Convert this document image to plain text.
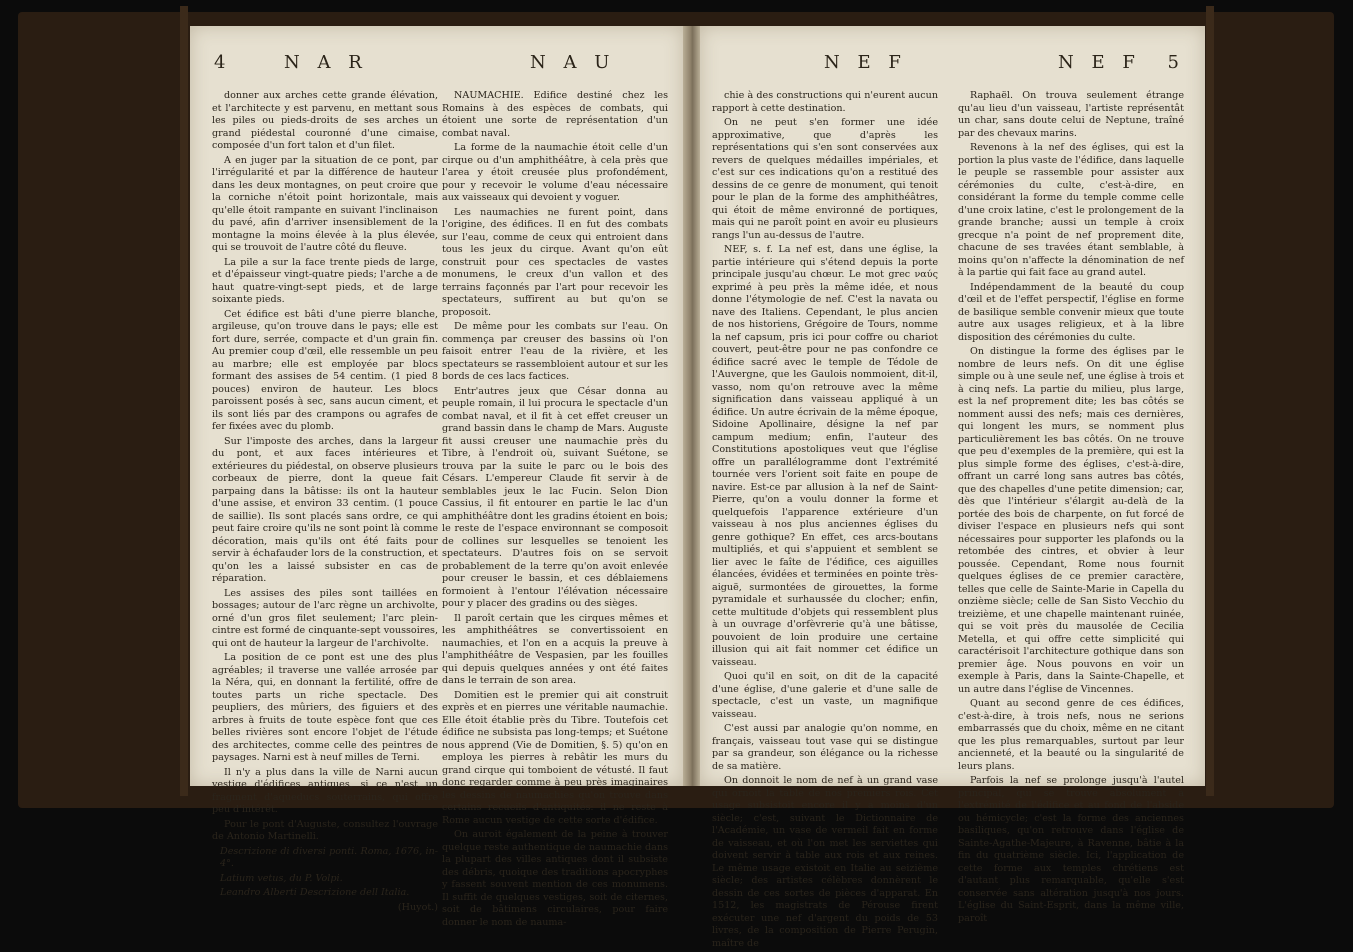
4	N A R	N A U

donner aux arches cette grande élévation, et l'architecte y est parvenu, en mettant sous les piles ou pieds-droits de ses arches un grand piédestal couronné d'une cimaise, composée d'un fort talon et d'un filet.

A en juger par la situation de ce pont, par l'irrégularité et par la différence de hauteur dans les deux montagnes, on peut croire que la corniche n'étoit point horizontale, mais qu'elle étoit rampante en suivant l'inclinaison du pavé, afin d'arriver insensiblement de la montagne la moins élevée à la plus élevée, qui se trouvoit de l'autre côté du fleuve.

La pile a sur la face trente pieds de large, et d'épaisseur vingt-quatre pieds; l'arche a de haut quatre-vingt-sept pieds, et de large soixante pieds.

Cet édifice est bâti d'une pierre blanche, argileuse, qu'on trouve dans le pays; elle est fort dure, serrée, compacte et d'un grain fin. Au premier coup d'œil, elle ressemble un peu au marbre; elle est employée par blocs formant des assises de 54 centim. (1 pied 8 pouces) environ de hauteur. Les blocs paroissent posés à sec, sans aucun ciment, et ils sont liés par des crampons ou agrafes de fer fixées avec du plomb.

Sur l'imposte des arches, dans la largeur du pont, et aux faces intérieures et extérieures du piédestal, on observe plusieurs corbeaux de pierre, dont la queue fait parpaing dans la bâtisse: ils ont la hauteur d'une assise, et environ 33 centim. (1 pouce de saillie). Ils sont placés sans ordre, ce qui peut faire croire qu'ils ne sont point là comme décoration, mais qu'ils ont été faits pour servir à échafauder lors de la construction, et qu'on les a laissé subsister en cas de réparation.

Les assises des piles sont taillées en bossages; autour de l'arc règne un archivolte, orné d'un gros filet seulement; l'arc plein-cintre est formé de cinquante-sept voussoires, qui ont de hauteur la largeur de l'archivolte.

La position de ce pont est une des plus agréables; il traverse une vallée arrosée par la Néra, qui, en donnant la fertilité, offre de toutes parts un riche spectacle. Des peupliers, des mûriers, des figuiers et des arbres à fruits de toute espèce font que ces belles rivières sont encore l'objet de l'étude des architectes, comme celle des peintres de paysages. Narni est à neuf milles de Terni.

Il n'y a plus dans la ville de Narni aucun vestige d'édifices antiques, si ce n'est un fragment d'aqueducs souterrains, qui offre peu d'intérêt.

Pour le pont d'Auguste, consultez l'ouvrage de Antonio Martinelli.

Descrizione di diversi ponti. Roma, 1676, in-4°.

Latium vetus, du P. Volpi.

Leandro Alberti Descrizione dell Italia.

(Huyot.)

NAUMACHIE. Edifice destiné chez les Romains à des espèces de combats, qui étoient une sorte de représentation d'un combat naval.

La forme de la naumachie étoit celle d'un cirque ou d'un amphithéâtre, à cela près que l'area y étoit creusée plus profondément, pour y recevoir le volume d'eau nécessaire aux vaisseaux qui devoient y voguer.

Les naumachies ne furent point, dans l'origine, des édifices. Il en fut des combats sur l'eau, comme de ceux qui entroient dans tous les jeux du cirque. Avant qu'on eût construit pour ces spectacles de vastes monumens, le creux d'un vallon et des terrains façonnés par l'art pour recevoir les spectateurs, suffirent au but qu'on se proposoit.

De même pour les combats sur l'eau. On commença par creuser des bassins où l'on faisoit entrer l'eau de la rivière, et les spectateurs se rassembloient autour et sur les bords de ces lacs factices.

Entr'autres jeux que César donna au peuple romain, il lui procura le spectacle d'un combat naval, et il fit à cet effet creuser un grand bassin dans le champ de Mars. Auguste fit aussi creuser une naumachie près du Tibre, à l'endroit où, suivant Suétone, se trouva par la suite le parc ou le bois des Césars. L'empereur Claude fit servir à de semblables jeux le lac Fucin. Selon Dion Cassius, il fit entourer en partie le lac d'un amphithéâtre dont les gradins étoient en bois; le reste de l'espace environnant se composoit de collines sur lesquelles se tenoient les spectateurs. D'autres fois on se servoit probablement de la terre qu'on avoit enlevée pour creuser le bassin, et ces déblaiemens formoient à l'entour l'élévation nécessaire pour y placer des gradins ou des sièges.

Il paroît certain que les cirques mêmes et les amphithéâtres se convertissoient en naumachies, et l'on en a acquis la preuve à l'amphithéâtre de Vespasien, par les fouilles qui depuis quelques années y ont été faites dans le terrain de son area.

Domitien est le premier qui ait construit exprès et en pierres une véritable naumachie. Elle étoit établie près du Tibre. Toutefois cet édifice ne subsista pas long-temps; et Suétone nous apprend (Vie de Domitien, §. 5) qu'on en employa les pierres à rebâtir les murs du grand cirque qui tomboient de vétusté. Il faut donc regarder comme à peu près imaginaires les dessins de naumachies qu'on trouve dans certains recueils d'antiquités: il ne reste à Rome aucun vestige de cette sorte d'édifice.

On auroit également de la peine à trouver quelque reste authentique de naumachie dans la plupart des villes antiques dont il subsiste des débris, quoique des traditions apocryphes y fassent souvent mention de ces monumens. Il suffit de quelques vestiges, soit de citernes, soit de bâtimens circulaires, pour faire donner le nom de nauma-

N E F	N E F 5

chie à des constructions qui n'eurent aucun rapport à cette destination.

On ne peut s'en former une idée approximative, que d'après les représentations qui s'en sont conservées aux revers de quelques médailles impériales, et c'est sur ces indications qu'on a restitué des dessins de ce genre de monument, qui tenoit pour le plan de la forme des amphithéâtres, qui étoit de même environné de portiques, mais qui ne paroît point en avoir eu plusieurs rangs l'un au-dessus de l'autre.

NEF, s. f. La nef est, dans une église, la partie intérieure qui s'étend depuis la porte principale jusqu'au chœur. Le mot grec ναύς exprimé à peu près la même idée, et nous donne l'étymologie de nef. C'est la navata ou nave des Italiens. Cependant, le plus ancien de nos historiens, Grégoire de Tours, nomme la nef capsum, pris ici pour coffre ou chariot couvert, peut-être pour ne pas confondre ce édifice sacré avec le temple de Tédole de l'Auvergne, que les Gaulois nommoient, dit-il, vasso, nom qu'on retrouve avec la même signification dans vaisseau appliqué à un édifice. Un autre écrivain de la même époque, Sidoine Apollinaire, désigne la nef par campum medium; enfin, l'auteur des Constitutions apostoliques veut que l'église offre un parallélogramme dont l'extrémité tournée vers l'orient soit faite en poupe de navire. Est-ce par allusion à la nef de Saint-Pierre, qu'on a voulu donner la forme et quelquefois l'apparence extérieure d'un vaisseau à nos plus anciennes églises du genre gothique? En effet, ces arcs-boutans multipliés, et qui s'appuient et semblent se lier avec le faîte de l'édifice, ces aiguilles élancées, évidées et terminées en pointe très-aiguë, surmontées de girouettes, la forme pyramidale et surhaussée du clocher; enfin, cette multitude d'objets qui ressemblent plus à un ouvrage d'orfèvrerie qu'à une bâtisse, pouvoient de loin produire une certaine illusion qui ait fait nommer cet édifice un vaisseau.

Quoi qu'il en soit, on dit de la capacité d'une église, d'une galerie et d'une salle de spectacle, c'est un vaste, un magnifique vaisseau.

C'est aussi par analogie qu'on nomme, en français, vaisseau tout vase qui se distingue par sa grandeur, son élégance ou la richesse de sa matière.

On donnoit le nom de nef à un grand vase qui ornoit la table de nos premiers rois. Cet usage subsistoit encore il y a moins d'un siècle; c'est, suivant le Dictionnaire de l'Académie, un vase de vermeil fait en forme de vaisseau, et où l'on met les serviettes qui doivent servir à table aux rois et aux reines. Le même usage existoit en Italie au seizième siècle; des artistes célèbres donnèrent le dessin de ces sortes de pièces d'apparat. En 1512, les magistrats de Pérouse firent exécuter une nef d'argent du poids de 53 livres, de la composition de Pierre Perugin, maître de

Raphaël. On trouva seulement étrange qu'au lieu d'un vaisseau, l'artiste représentât un char, sans doute celui de Neptune, traîné par des chevaux marins.

Revenons à la nef des églises, qui est la portion la plus vaste de l'édifice, dans laquelle le peuple se rassemble pour assister aux cérémonies du culte, c'est-à-dire, en considérant la forme du temple comme celle d'une croix latine, c'est le prolongement de la grande branche; aussi un temple à croix grecque n'a point de nef proprement dite, chacune de ses travées étant semblable, à moins qu'on n'affecte la dénomination de nef à la partie qui fait face au grand autel.

Indépendamment de la beauté du coup d'œil et de l'effet perspectif, l'église en forme de basilique semble convenir mieux que toute autre aux usages religieux, et à la libre disposition des cérémonies du culte.

On distingue la forme des églises par le nombre de leurs nefs. On dit une église simple ou à une seule nef, une église à trois et à cinq nefs. La partie du milieu, plus large, est la nef proprement dite; les bas côtés se nomment aussi des nefs; mais ces dernières, qui longent les murs, se nomment plus particulièrement les bas côtés. On ne trouve que peu d'exemples de la première, qui est la plus simple forme des églises, c'est-à-dire, offrant un carré long sans autres bas côtés, que des chapelles d'une petite dimension; car, dès que l'intérieur s'élargit au-delà de la portée des bois de charpente, on fut forcé de diviser l'espace en plusieurs nefs qui sont nécessaires pour supporter les plafonds ou la retombée des cintres, et obvier à leur poussée. Cependant, Rome nous fournit quelques églises de ce premier caractère, telles que celle de Sainte-Marie in Capella du onzième siècle; celle de San Sisto Vecchio du treizième, et une chapelle maintenant ruinée, qui se voit près du mausolée de Cecilia Metella, et qui offre cette simplicité qui caractérisoit l'architecture gothique dans son premier âge. Nous pouvons en voir un exemple à Paris, dans la Sainte-Chapelle, et un autre dans l'église de Vincennes.

Quant au second genre de ces édifices, c'est-à-dire, à trois nefs, nous ne serions embarrassés que du choix, même en ne citant que les plus remarquables, surtout par leur ancienneté, et la beauté ou la singularité de leurs plans.

Parfois la nef se prolonge jusqu'à l'autel principal, qui se trouve absolument à l'extrémité de l'édifice et au fond de l'abside ou hémicycle; c'est la forme des anciennes basiliques, qu'on retrouve dans l'église de Sainte-Agathe-Majeure, à Ravenne, bâtie à la fin du quatrième siècle. Ici, l'application de cette forme aux temples chrétiens est d'autant plus remarquable, qu'elle s'est conservée sans altération jusqu'à nos jours. L'église du Saint-Esprit, dans la même ville, paroît
